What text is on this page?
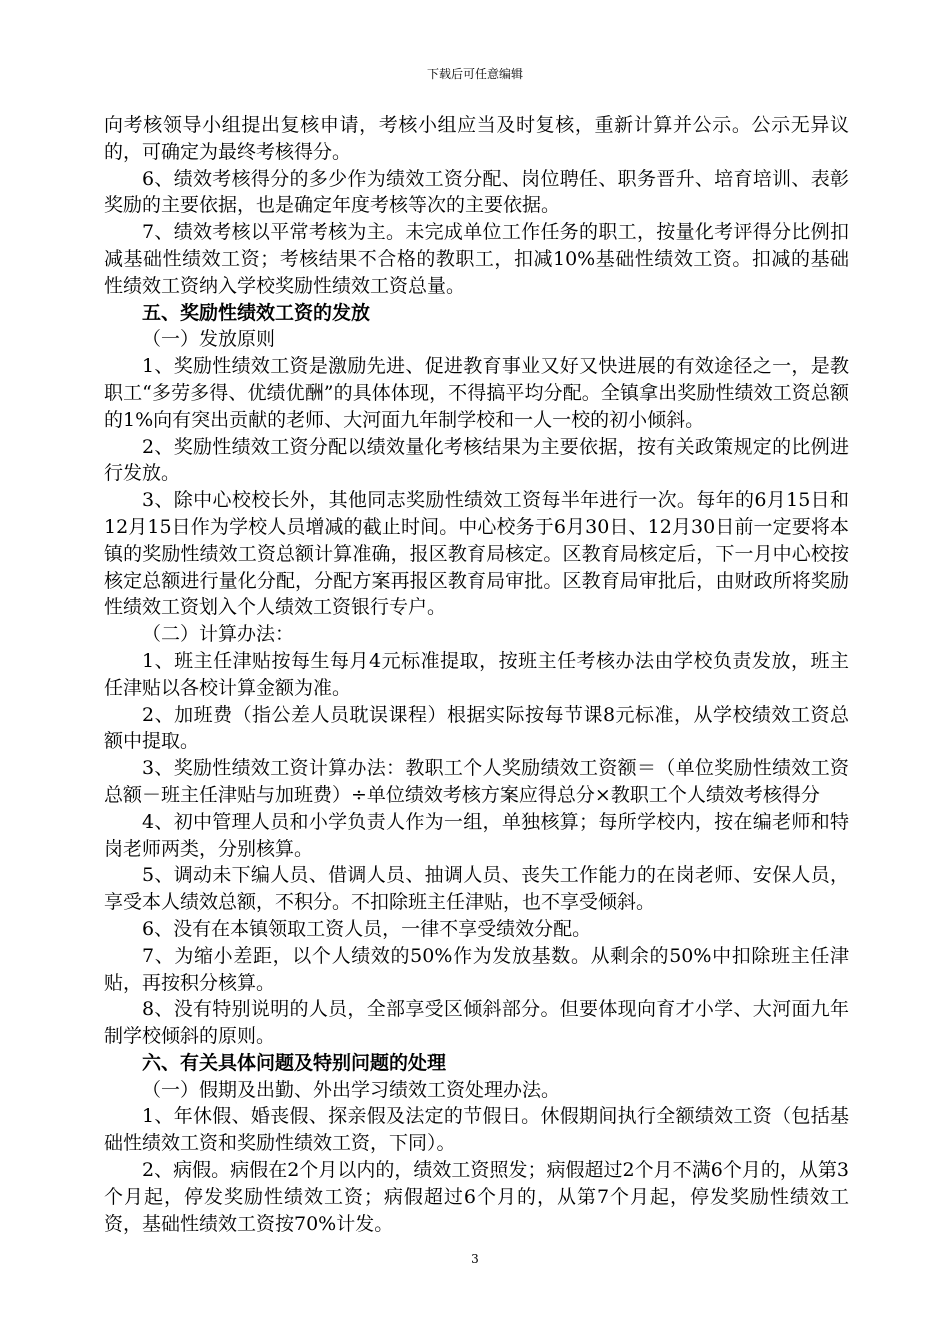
下载后可任意编辑

向考核领导小组提出复核申请，考核小组应当及时复核，重新计算并公示。公示无异议的，可确定为最终考核得分。

6、绩效考核得分的多少作为绩效工资分配、岗位聘任、职务晋升、培育培训、表彰奖励的主要依据，也是确定年度考核等次的主要依据。

7、绩效考核以平常考核为主。未完成单位工作任务的职工，按量化考评得分比例扣减基础性绩效工资；考核结果不合格的教职工，扣减10%基础性绩效工资。扣减的基础性绩效工资纳入学校奖励性绩效工资总量。

五、奖励性绩效工资的发放

（一）发放原则

1、奖励性绩效工资是激励先进、促进教育事业又好又快进展的有效途径之一，是教职工“多劳多得、优绩优酬”的具体体现，不得搞平均分配。全镇拿出奖励性绩效工资总额的1%向有突出贡献的老师、大河面九年制学校和一人一校的初小倾斜。

2、奖励性绩效工资分配以绩效量化考核结果为主要依据，按有关政策规定的比例进行发放。

3、除中心校校长外，其他同志奖励性绩效工资每半年进行一次。每年的6月15日和12月15日作为学校人员增减的截止时间。中心校务于6月30日、12月30日前一定要将本镇的奖励性绩效工资总额计算准确，报区教育局核定。区教育局核定后，下一月中心校按核定总额进行量化分配，分配方案再报区教育局审批。区教育局审批后，由财政所将奖励性绩效工资划入个人绩效工资银行专户。

（二）计算办法：

1、班主任津贴按每生每月4元标准提取，按班主任考核办法由学校负责发放，班主任津贴以各校计算金额为准。

2、加班费（指公差人员耽误课程）根据实际按每节课8元标准，从学校绩效工资总额中提取。

3、奖励性绩效工资计算办法：教职工个人奖励绩效工资额＝（单位奖励性绩效工资总额－班主任津贴与加班费）÷单位绩效考核方案应得总分×教职工个人绩效考核得分

4、初中管理人员和小学负责人作为一组，单独核算；每所学校内，按在编老师和特岗老师两类，分别核算。

5、调动未下编人员、借调人员、抽调人员、丧失工作能力的在岗老师、安保人员，享受本人绩效总额，不积分。不扣除班主任津贴，也不享受倾斜。

6、没有在本镇领取工资人员，一律不享受绩效分配。

7、为缩小差距，以个人绩效的50%作为发放基数。从剩余的50%中扣除班主任津贴，再按积分核算。

8、没有特别说明的人员，全部享受区倾斜部分。但要体现向育才小学、大河面九年制学校倾斜的原则。

六、有关具体问题及特别问题的处理

（一）假期及出勤、外出学习绩效工资处理办法。

1、年休假、婚丧假、探亲假及法定的节假日。休假期间执行全额绩效工资（包括基础性绩效工资和奖励性绩效工资，下同）。

2、病假。病假在2个月以内的，绩效工资照发；病假超过2个月不满6个月的，从第3个月起，停发奖励性绩效工资；病假超过6个月的，从第7个月起，停发奖励性绩效工资，基础性绩效工资按70%计发。

3
